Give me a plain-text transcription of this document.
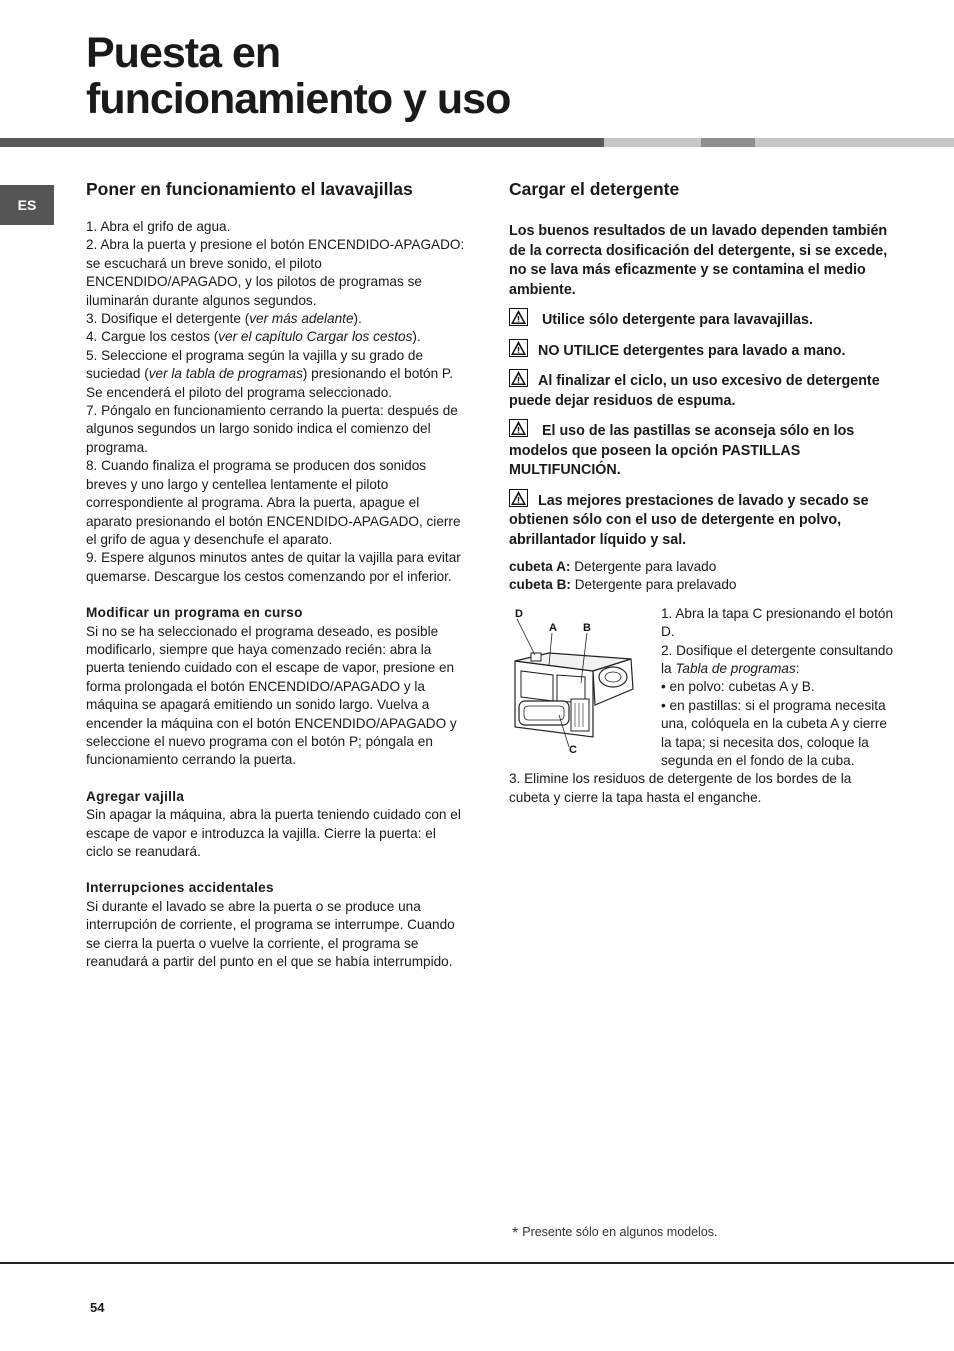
Puesta en
funcionamiento y uso
ES
Poner en funcionamiento el lavavajillas
1. Abra el grifo de agua.
2. Abra la puerta y presione el botón ENCENDIDO-APAGADO: se escuchará un breve sonido, el piloto ENCENDIDO/APAGADO, y los pilotos de programas se iluminarán durante algunos segundos.
3. Dosifique el detergente (ver más adelante).
4. Cargue los cestos (ver el capítulo Cargar los cestos).
5. Seleccione el programa según la vajilla y su grado de suciedad (ver la tabla de programas) presionando el botón P. Se encenderá el piloto del programa seleccionado.
7. Póngalo en funcionamiento cerrando la puerta: después de algunos segundos un largo sonido indica el comienzo del programa.
8. Cuando finaliza el programa se producen dos sonidos breves y uno largo y centellea lentamente el piloto correspondiente al programa. Abra la puerta, apague el aparato presionando el botón ENCENDIDO-APAGADO, cierre el grifo de agua y desenchufe el aparato.
9. Espere algunos minutos antes de quitar la vajilla para evitar quemarse. Descargue los cestos comenzando por el inferior.
Modificar un programa en curso

Si no se ha seleccionado el programa deseado, es posible modificarlo, siempre que haya comenzado recién: abra la puerta teniendo cuidado con el escape de vapor, presione en forma prolongada el botón ENCENDIDO/APAGADO y la máquina se apagará emitiendo un sonido largo. Vuelva a encender la máquina con el botón ENCENDIDO/APAGADO y seleccione el nuevo programa con el botón P; póngala en funcionamiento cerrando la puerta.

Agregar vajilla

Sin apagar la máquina, abra la puerta teniendo cuidado con el escape de vapor e introduzca la vajilla. Cierre la puerta: el ciclo se reanudará.

Interrupciones accidentales

Si durante el lavado se abre la puerta o se produce una interrupción de corriente, el programa se interrumpe. Cuando se cierra la puerta o vuelve la corriente, el programa se reanudará a partir del punto en el que se había interrumpido.

Cargar el detergente

Los buenos resultados de un lavado dependen también de la correcta dosificación del detergente, si se excede, no se lava más eficazmente y se contamina el medio ambiente.

Utilice sólo detergente para lavavajillas.

NO UTILICE detergentes para lavado a mano.

Al finalizar el ciclo, un uso excesivo de detergente puede dejar residuos de espuma.

El uso de las pastillas se aconseja sólo en los modelos que poseen la opción PASTILLAS MULTIFUNCIÓN.

Las mejores prestaciones de lavado y secado se obtienen sólo con el uso de detergente en polvo, abrillantador líquido y sal.

cubeta A: Detergente para lavado
cubeta B: Detergente para prelavado
D
A B
C
1. Abra la tapa C presionando el botón D.
2. Dosifique el detergente consultando la Tabla de programas:
• en polvo: cubetas A y B.
• en pastillas: si el programa necesita una, colóquela en la cubeta A y cierre la tapa; si necesita dos, coloque la segunda en el fondo de la cuba.
3. Elimine los residuos de detergente de los bordes de la cubeta y cierre la tapa hasta el enganche.
* Presente sólo en algunos modelos.
54
